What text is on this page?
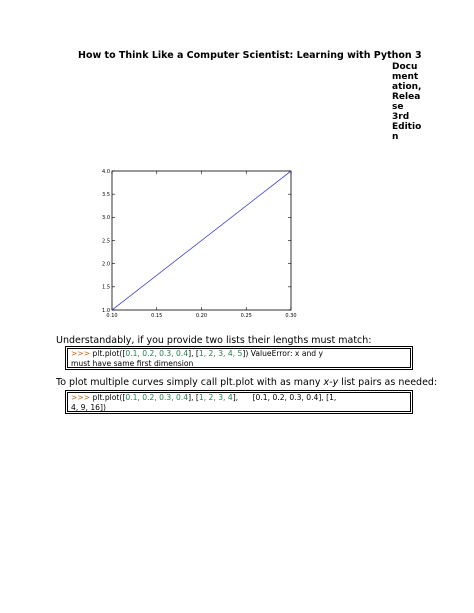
How to Think Like a Computer Scientist: Learning with Python 3
Docu
ment
ation,
Relea
se
3rd
Editio
n
0.10	0.15	0.20	0.25	0.30
1.0
1.5
2.0
2.5
3.0
3.5
4.0
Understandably, if you provide two lists their lengths must match:
>>> plt.plot([0.1, 0.2, 0.3, 0.4], [1, 2, 3, 4, 5]) ValueError: x and y
must have same first dimension
To plot multiple curves simply call plt.plot with as many x-y list pairs as needed:
>>> plt.plot([0.1, 0.2, 0.3, 0.4], [1, 2, 3, 4],      [0.1, 0.2, 0.3, 0.4], [1,
4, 9, 16])
